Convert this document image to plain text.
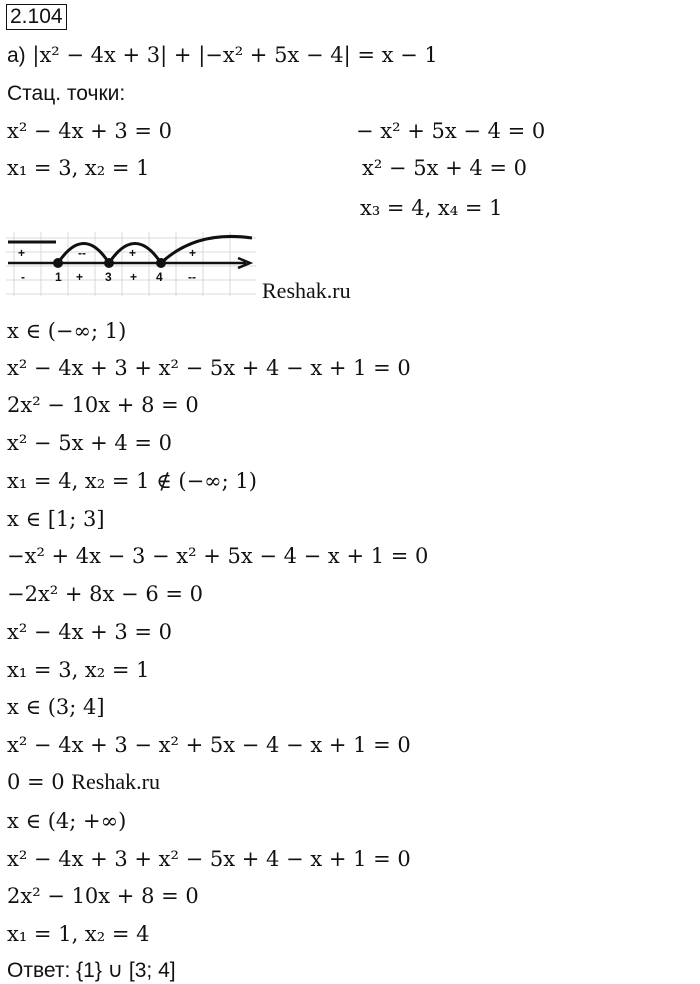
2.104
а) |x² − 4x + 3| + |−x² + 5x − 4| = x − 1
Стац. точки:
x² − 4x + 3 = 0	− x² + 5x − 4 = 0
x₁ = 3, x₂ = 1	x² − 5x + 4 = 0
x₃ = 4, x₄ = 1
+	--	+	+
-	1 + 3 + 4 --
Reshak.ru
x ∈ (−∞; 1)
x² − 4x + 3 + x² − 5x + 4 − x + 1 = 0
2x² − 10x + 8 = 0
x² − 5x + 4 = 0
x₁ = 4, x₂ = 1 ∉ (−∞; 1)
x ∈ [1; 3]
−x² + 4x − 3 − x² + 5x − 4 − x + 1 = 0
−2x² + 8x − 6 = 0
x² − 4x + 3 = 0
x₁ = 3, x₂ = 1
x ∈ (3; 4]
x² − 4x + 3 − x² + 5x − 4 − x + 1 = 0
0 = 0 Reshak.ru
x ∈ (4; +∞)
x² − 4x + 3 + x² − 5x + 4 − x + 1 = 0
2x² − 10x + 8 = 0
x₁ = 1, x₂ = 4
Ответ: {1} ∪ [3; 4]
